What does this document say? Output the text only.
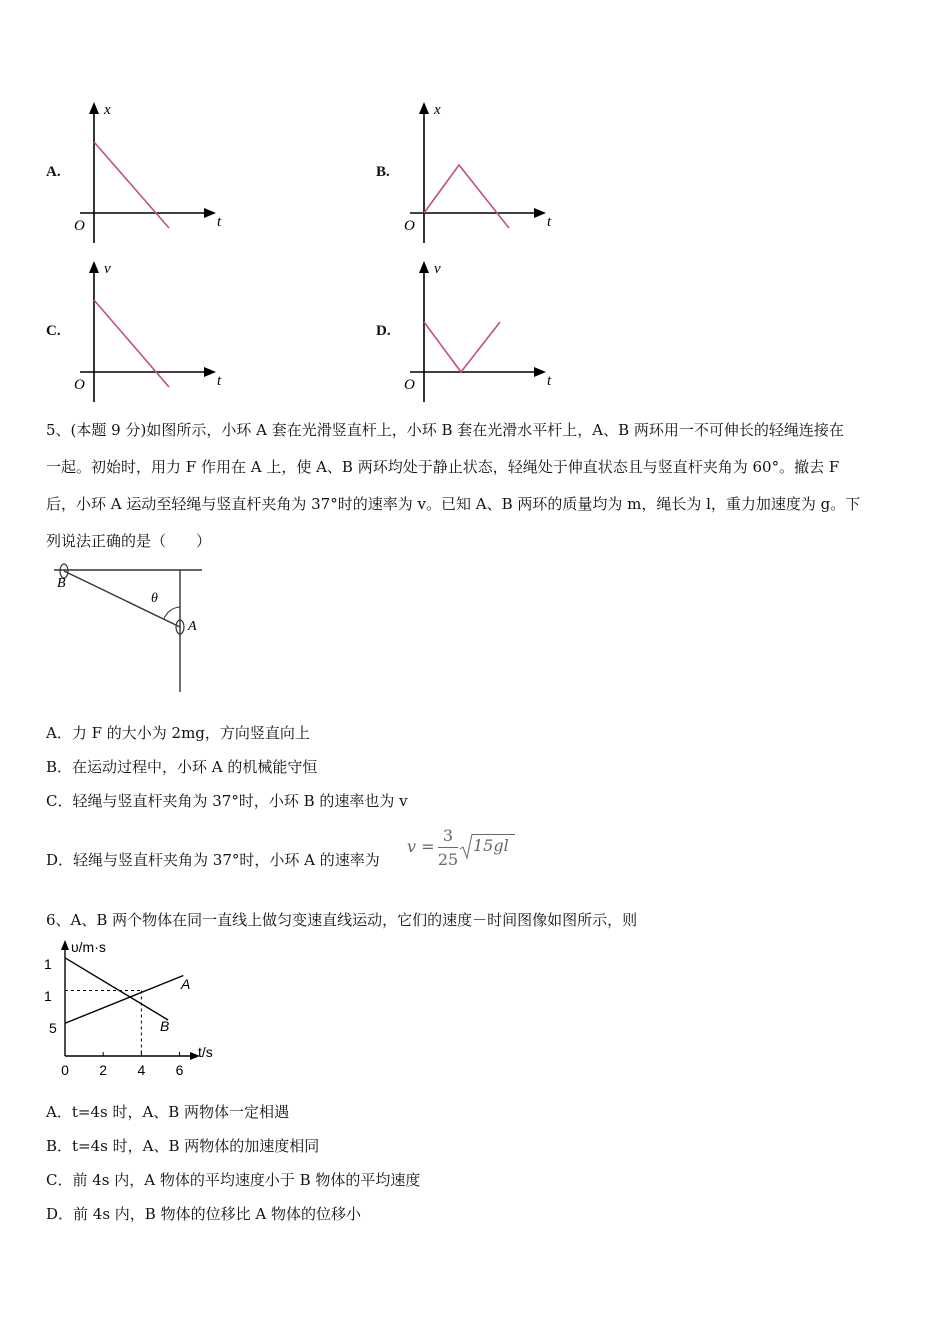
A.
x
t
O
B.
x
t
O
C.
v
t
O
D.
v
t
O
5、(本题 9 分)如图所示，小环 A 套在光滑竖直杆上，小环 B 套在光滑水平杆上，A、B 两环用一不可伸长的轻绳连接在
一起。初始时，用力 F 作用在 A 上，使 A、B 两环均处于静止状态，轻绳处于伸直状态且与竖直杆夹角为 60°。撤去 F
后，小环 A 运动至轻绳与竖直杆夹角为 37°时的速率为 v。已知 A、B 两环的质量均为 m，绳长为 l，重力加速度为 g。下
列说法正确的是（　　）
B
A
θ
A．力 F 的大小为 2mg，方向竖直向上
B．在运动过程中，小环 A 的机械能守恒
C．轻绳与竖直杆夹角为 37°时，小环 B 的速率也为 v
D．轻绳与竖直杆夹角为 37°时，小环 A 的速率为
v =
3
25
15gl
6、A、B 两个物体在同一直线上做匀变速直线运动，它们的速度－时间图像如图所示，则
υ/m·s
t/s
A
B
1
1
5
0 2 4 6
A．t=4s 时，A、B 两物体一定相遇
B．t=4s 时，A、B 两物体的加速度相同
C．前 4s 内，A 物体的平均速度小于 B 物体的平均速度
D．前 4s 内，B 物体的位移比 A 物体的位移小
